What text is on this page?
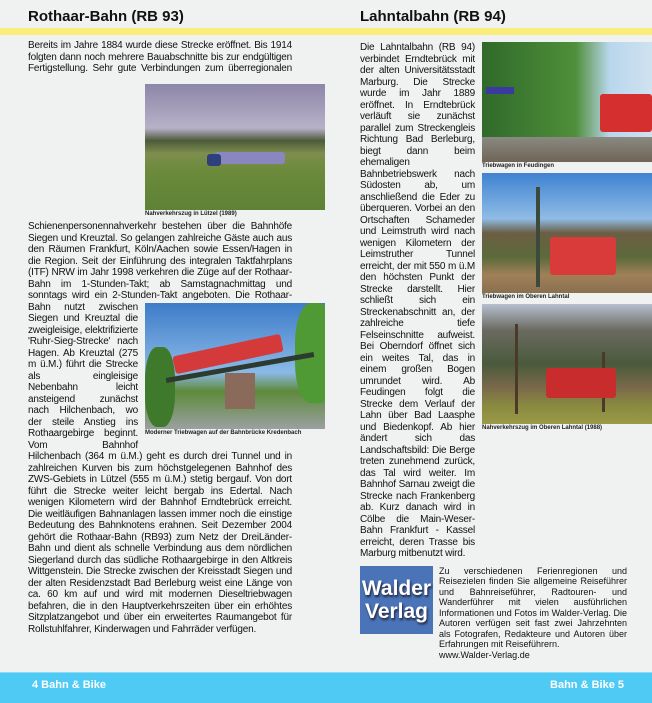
Rothaar-Bahn (RB 93)	Lahntalbahn (RB 94)
Nahverkehrszug in Lützel (1989)
Moderner Triebwagen auf der Bahnbrücke Kredenbach
Bereits im Jahre 1884 wurde diese Strecke eröffnet. Bis 1914 folgten dann noch mehrere Bauabschnitte bis zur endgültigen Fertigstellung. Sehr gute Verbindungen zum überregionalen Schienenpersonennahverkehr bestehen über die Bahnhöfe Siegen und Kreuztal. So gelangen zahlreiche Gäste auch aus den Räumen Frankfurt, Köln/Aachen sowie Essen/Hagen in die Region. Seit der Einführung des integralen Taktfahrplans (ITF) NRW im Jahr 1998 verkehren die Züge auf der Rothaar-Bahn im 1-Stunden-Takt; ab Samstagnachmittag und sonntags wird ein 2-Stunden-Takt angeboten. Die Rothaar-Bahn nutzt zwischen Siegen und Kreuztal die zweigleisige, elektrifizierte 'Ruhr-Sieg-Strecke' nach Hagen. Ab Kreuztal (275 m ü.M.) führt die Strecke als eingleisige Nebenbahn leicht ansteigend zunächst nach Hilchenbach, wo der steile Anstieg ins Rothaargebirge beginnt. Vom Bahnhof Hilchenbach (364 m ü.M.) geht es durch drei Tunnel und in zahlreichen Kurven bis zum höchstgelegenen Bahnhof des ZWS-Gebiets in Lützel (555 m ü.M.) stetig bergauf. Von dort führt die Strecke weiter leicht bergab ins Edertal. Nach wenigen Kilometern wird der Bahnhof Erndtebrück erreicht. Die weitläufigen Bahnanlagen lassen immer noch die einstige Bedeutung des Bahnknotens erahnen. Seit Dezember 2004 gehört die Rothaar-Bahn (RB93) zum Netz der DreiLänder-Bahn und dient als schnelle Verbindung aus dem nördlichen Siegerland durch das südliche Rothaargebirge in den Altkreis Wittgenstein. Die Strecke zwischen der Kreisstadt Siegen und der alten Residenzstadt Bad Berleburg weist eine Länge von ca. 60 km auf und wird mit modernen Dieseltriebwagen befahren, die in den Hauptverkehrszeiten über ein erhöhtes Sitzplatzangebot und über ein erweitertes Raumangebot für Rollstuhlfahrer, Kinderwagen und Fahrräder verfügen.
Die Lahntalbahn (RB 94) verbindet Erndtebrück mit der alten Universitätsstadt Marburg. Die Strecke wurde im Jahr 1889 eröffnet. In Erndtebrück verläuft sie zunächst parallel zum Streckengleis Richtung Bad Berleburg, biegt dann beim ehemaligen Bahnbetriebswerk nach Südosten ab, um anschließend die Eder zu überqueren. Vorbei an den Ortschaften Schameder und Leimstruth wird nach wenigen Kilometern der Leimstruther Tunnel erreicht, der mit 550 m ü.M den höchsten Punkt der Strecke darstellt. Hier schließt sich ein Streckenabschnitt an, der zahlreiche tiefe Felseinschnitte aufweist. Bei Oberndorf öffnet sich ein weites Tal, das in einem großen Bogen umrundet wird. Ab Feudingen folgt die Strecke dem Verlauf der Lahn über Bad Laasphe und Biedenkopf. Ab hier ändert sich das Landschaftsbild: Die Berge treten zunehmend zurück, das Tal wird weiter. Im Bahnhof Sarnau zweigt die Strecke nach Frankenberg ab. Kurz danach wird in Cölbe die Main-Weser-Bahn Frankfurt - Kassel erreicht, deren Trasse bis Marburg mitbenutzt wird.
Triebwagen in Feudingen
Triebwagen im Oberen Lahntal
Nahverkehrszug im Oberen Lahntal (1988)
Walder
Verlag
Zu verschiedenen Ferienregionen und Reisezielen finden Sie allgemeine Reiseführer und Bahnreiseführer, Radtouren- und Wanderführer mit vielen ausführlichen Informationen und Fotos im Walder-Verlag. Die Autoren verfügen seit fast zwei Jahrzehnten als Fotografen, Redakteure und Autoren über Erfahrungen mit Reiseführern.
www.Walder-Verlag.de
4 Bahn & Bike	Bahn & Bike 5
